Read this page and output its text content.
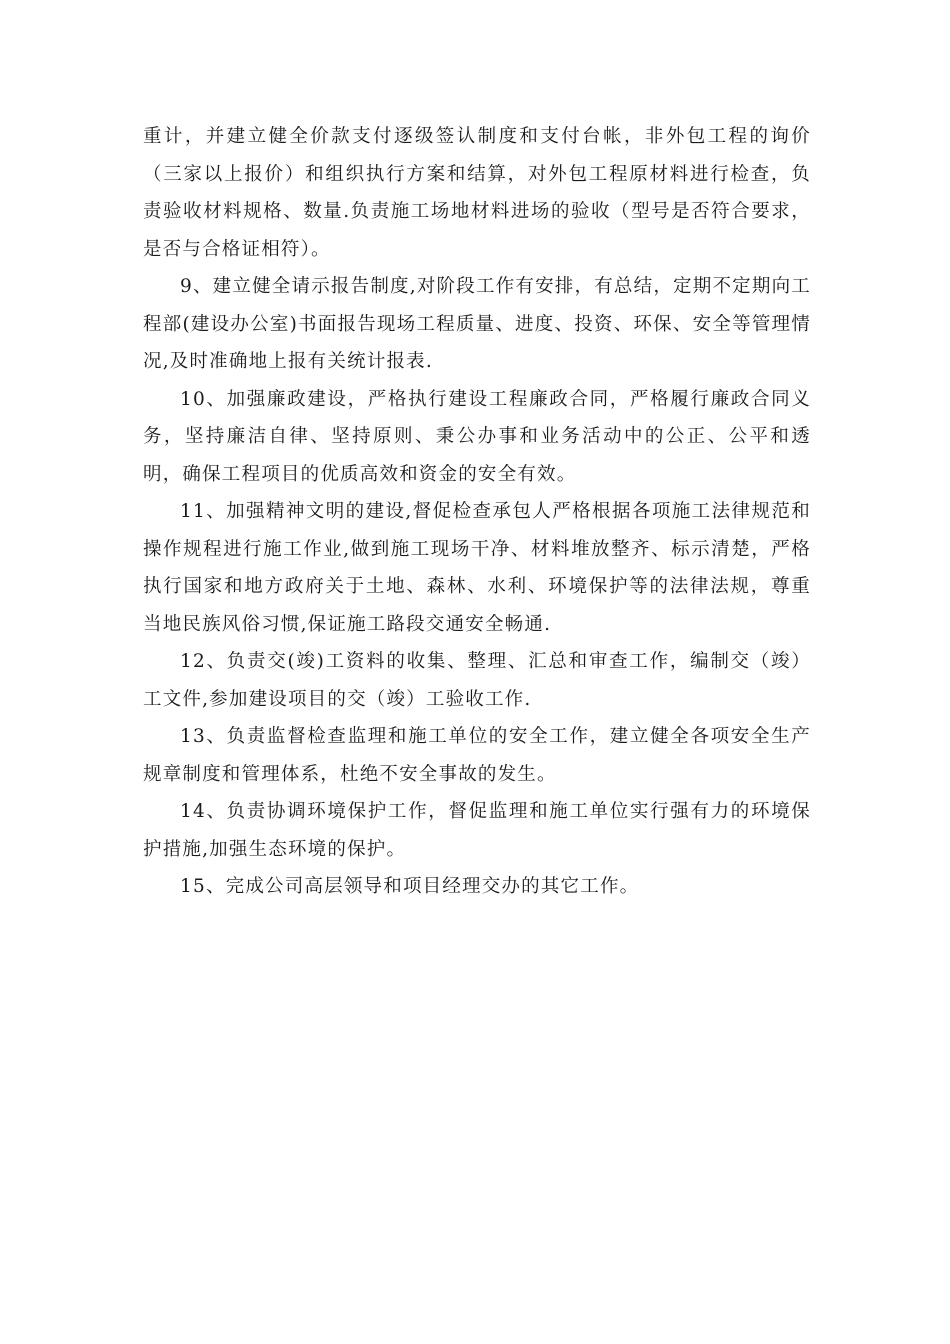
重计，并建立健全价款支付逐级签认制度和支付台帐，非外包工程的询价（三家以上报价）和组织执行方案和结算，对外包工程原材料进行检查，负责验收材料规格、数量.负责施工场地材料进场的验收（型号是否符合要求，是否与合格证相符）。

9、建立健全请示报告制度,对阶段工作有安排，有总结，定期不定期向工程部(建设办公室)书面报告现场工程质量、进度、投资、环保、安全等管理情况,及时准确地上报有关统计报表.

10、加强廉政建设，严格执行建设工程廉政合同，严格履行廉政合同义务，坚持廉洁自律、坚持原则、秉公办事和业务活动中的公正、公平和透明，确保工程项目的优质高效和资金的安全有效。

11、加强精神文明的建设,督促检查承包人严格根据各项施工法律规范和操作规程进行施工作业,做到施工现场干净、材料堆放整齐、标示清楚，严格执行国家和地方政府关于土地、森林、水利、环境保护等的法律法规，尊重当地民族风俗习惯,保证施工路段交通安全畅通.

12、负责交(竣)工资料的收集、整理、汇总和审查工作，编制交（竣）工文件,参加建设项目的交（竣）工验收工作.

13、负责监督检查监理和施工单位的安全工作，建立健全各项安全生产规章制度和管理体系，杜绝不安全事故的发生。

14、负责协调环境保护工作，督促监理和施工单位实行强有力的环境保护措施,加强生态环境的保护。

15、完成公司高层领导和项目经理交办的其它工作。
